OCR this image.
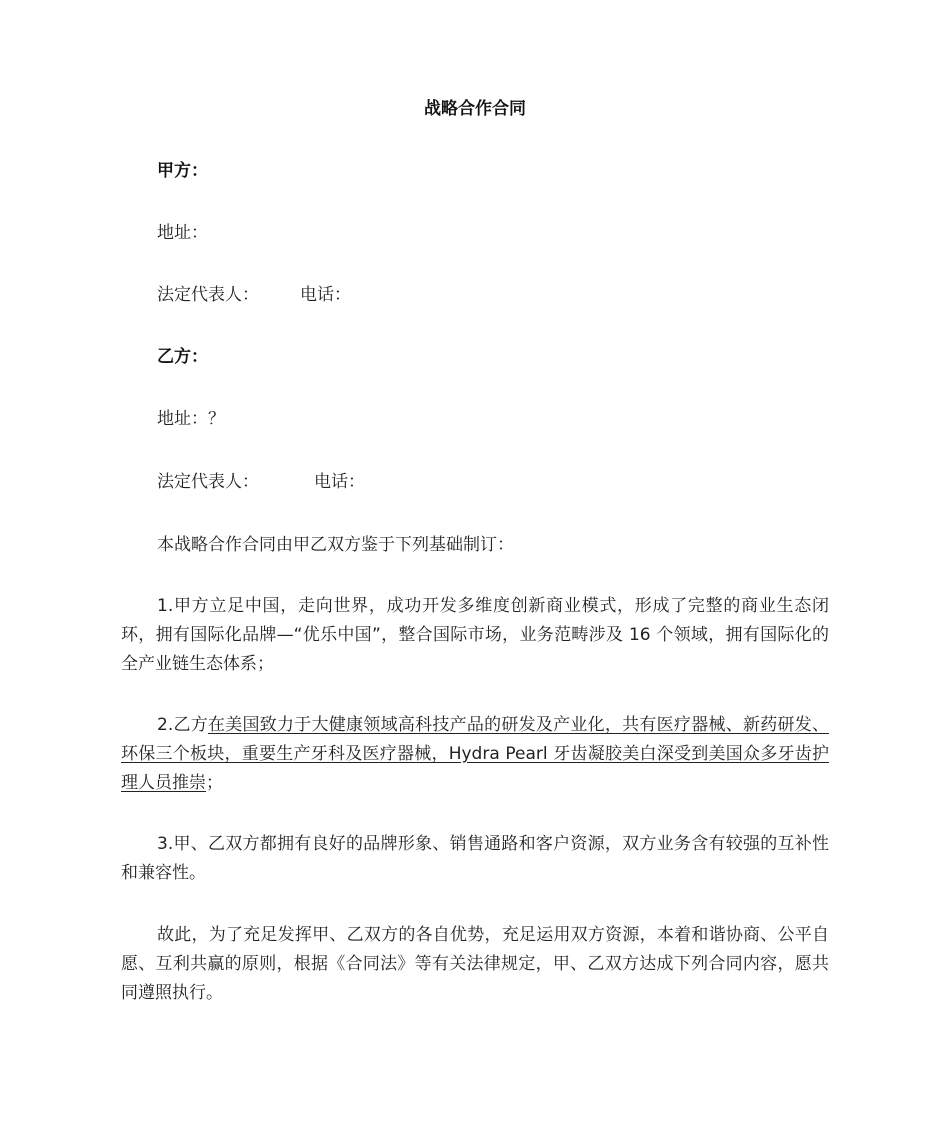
战略合作合同
甲方：
地址：
法定代表人： 电话：
乙方：
地址：？
法定代表人：	电话：
本战略合作合同由甲乙双方鉴于下列基础制订：
1.甲方立足中国，走向世界，成功开发多维度创新商业模式，形成了完整的商业生态闭环，拥有国际化品牌—“优乐中国”，整合国际市场，业务范畴涉及 16 个领域，拥有国际化的全产业链生态体系；
2.乙方在美国致力于大健康领域高科技产品的研发及产业化，共有医疗器械、新药研发、环保三个板块，重要生产牙科及医疗器械，Hydra Pearl 牙齿凝胶美白深受到美国众多牙齿护理人员推崇；
3.甲、乙双方都拥有良好的品牌形象、销售通路和客户资源，双方业务含有较强的互补性和兼容性。
故此，为了充足发挥甲、乙双方的各自优势，充足运用双方资源，本着和谐协商、公平自愿、互利共赢的原则，根据《合同法》等有关法律规定，甲、乙双方达成下列合同内容，愿共同遵照执行。
